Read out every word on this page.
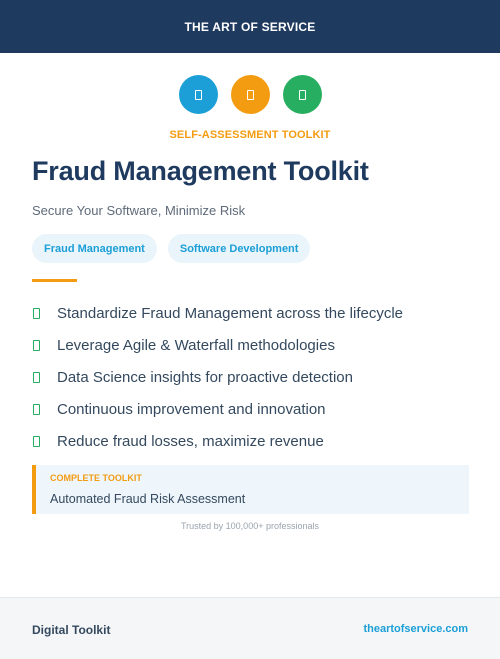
THE ART OF SERVICE
SELF-ASSESSMENT TOOLKIT
Fraud Management Toolkit
Secure Your Software, Minimize Risk
Fraud Management	Software Development
Standardize Fraud Management across the lifecycle
Leverage Agile & Waterfall methodologies
Data Science insights for proactive detection
Continuous improvement and innovation
Reduce fraud losses, maximize revenue
COMPLETE TOOLKIT
Automated Fraud Risk Assessment
Trusted by 100,000+ professionals
Digital Toolkit	theartofservice.com
